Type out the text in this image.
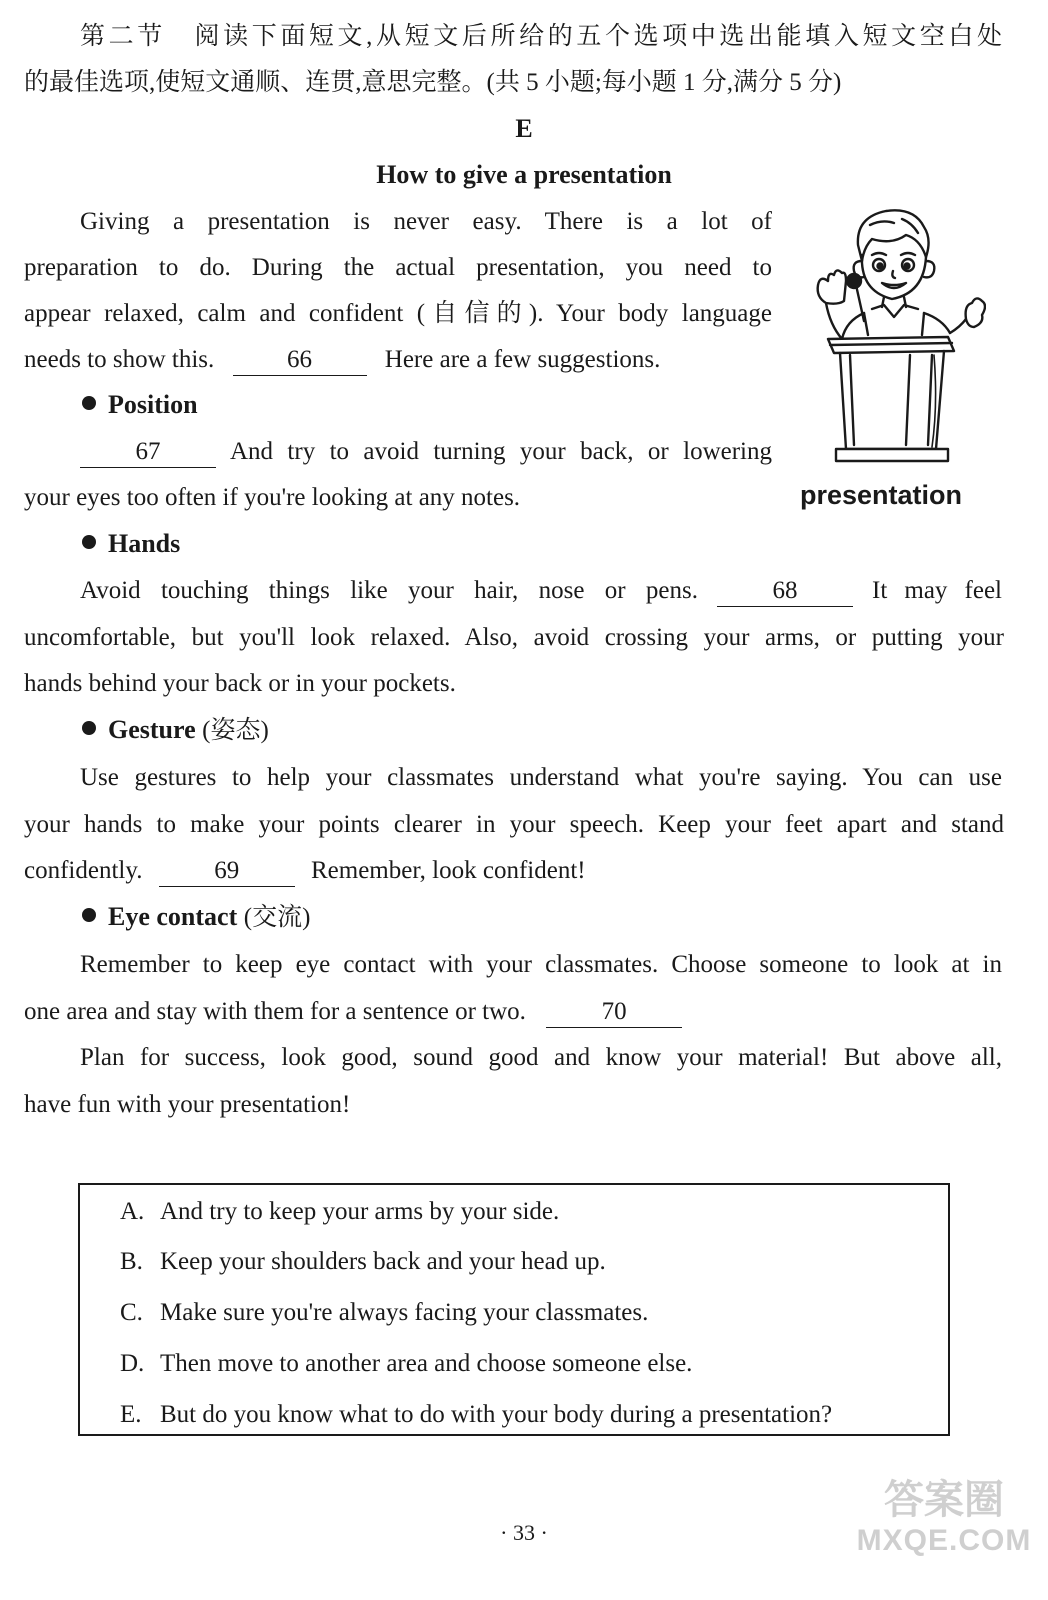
第二节　阅读下面短文,从短文后所给的五个选项中选出能填入短文空白处
的最佳选项,使短文通顺、连贯,意思完整。(共 5 小题;每小题 1 分,满分 5 分)
E
How to give a presentation
Giving a presentation is never easy. There is a lot of
preparation to do. During the actual presentation, you need to
appear relaxed, calm and confident (自信的). Your body language
needs to show this.	66	Here are a few suggestions.
Position
67	And try to avoid turning your back, or lowering
your eyes too often if you're looking at any notes.
Hands
Avoid touching things like your hair, nose or pens.	68	It may feel
uncomfortable, but you'll look relaxed. Also, avoid crossing your arms, or putting your
hands behind your back or in your pockets.
Gesture (姿态)
Use gestures to help your classmates understand what you're saying. You can use
your hands to make your points clearer in your speech. Keep your feet apart and stand
confidently.	69	Remember, look confident!
Eye contact (交流)
Remember to keep eye contact with your classmates. Choose someone to look at in
one area and stay with them for a sentence or two.	70
Plan for success, look good, sound good and know your material! But above all,
have fun with your presentation!
presentation
A. And try to keep your arms by your side.
B. Keep your shoulders back and your head up.
C. Make sure you're always facing your classmates.
D. Then move to another area and choose someone else.
E. But do you know what to do with your body during a presentation?
· 33 ·
答案圈
MXQE.COM
